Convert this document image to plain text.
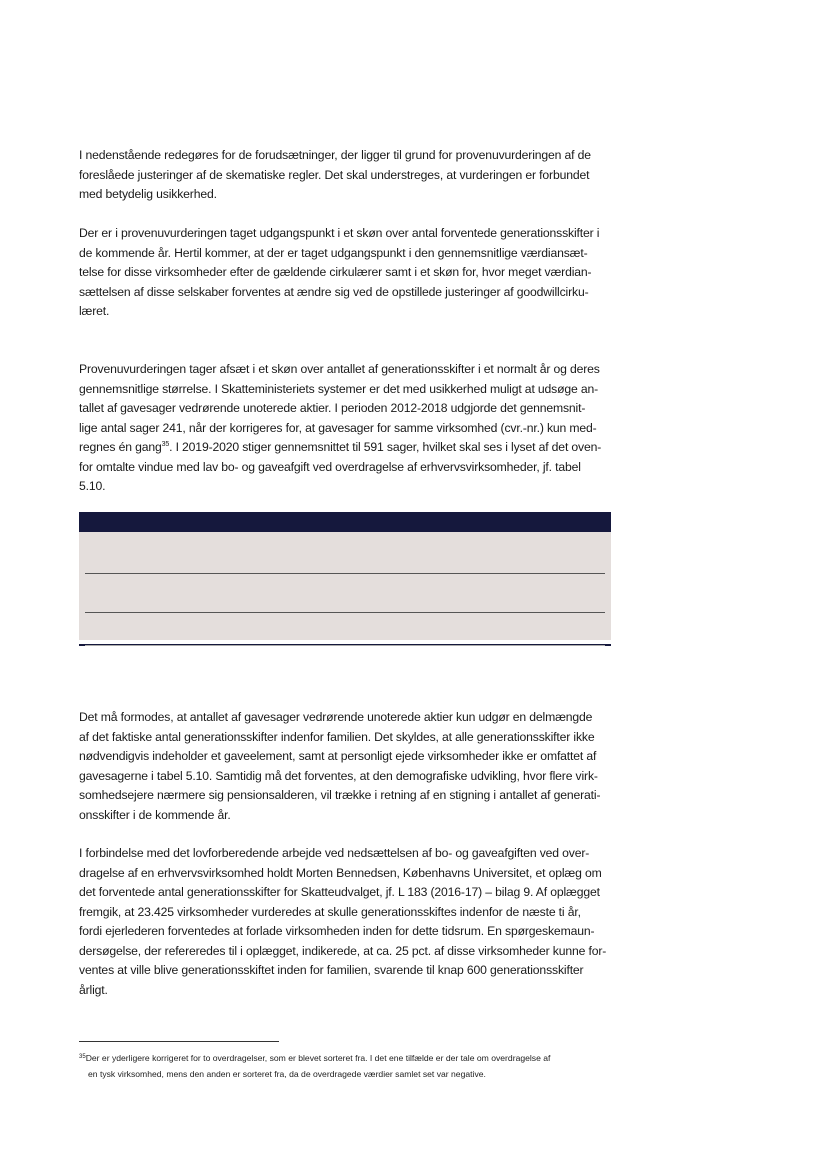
I nedenstående redegøres for de forudsætninger, der ligger til grund for provenuvurderingen af de
foreslåede justeringer af de skematiske regler. Det skal understreges, at vurderingen er forbundet
med betydelig usikkerhed.

Der er i provenuvurderingen taget udgangspunkt i et skøn over antal forventede generationsskifter i
de kommende år. Hertil kommer, at der er taget udgangspunkt i den gennemsnitlige værdiansæt-
telse for disse virksomheder efter de gældende cirkulærer samt i et skøn for, hvor meget værdian-
sættelsen af disse selskaber forventes at ændre sig ved de opstillede justeringer af goodwillcirku-
læret.

Provenuvurderingen tager afsæt i et skøn over antallet af generationsskifter i et normalt år og deres
gennemsnitlige størrelse. I Skatteministeriets systemer er det med usikkerhed muligt at udsøge an-
tallet af gavesager vedrørende unoterede aktier. I perioden 2012-2018 udgjorde det gennemsnit-
lige antal sager 241, når der korrigeres for, at gavesager for samme virksomhed (cvr.-nr.) kun med-
regnes én gang$^{35}$. I 2019-2020 stiger gennemsnittet til 591 sager, hvilket skal ses i lyset af det oven-
for omtalte vindue med lav bo- og gaveafgift ved overdragelse af erhvervsvirksomheder, jf. tabel
5.10.

Det må formodes, at antallet af gavesager vedrørende unoterede aktier kun udgør en delmængde
af det faktiske antal generationsskifter indenfor familien. Det skyldes, at alle generationsskifter ikke
nødvendigvis indeholder et gaveelement, samt at personligt ejede virksomheder ikke er omfattet af
gavesagerne i tabel 5.10. Samtidig må det forventes, at den demografiske udvikling, hvor flere virk-
somhedsejere nærmere sig pensionsalderen, vil trække i retning af en stigning i antallet af generati-
onsskifter i de kommende år.

I forbindelse med det lovforberedende arbejde ved nedsættelsen af bo- og gaveafgiften ved over-
dragelse af en erhvervsvirksomhed holdt Morten Bennedsen, Københavns Universitet, et oplæg om
det forventede antal generationsskifter for Skatteudvalget, jf. L 183 (2016-17) – bilag 9. Af oplægget
fremgik, at 23.425 virksomheder vurderedes at skulle generationsskiftes indenfor de næste ti år,
fordi ejerlederen forventedes at forlade virksomheden inden for dette tidsrum. En spørgeskemaun-
dersøgelse, der refereredes til i oplægget, indikerede, at ca. 25 pct. af disse virksomheder kunne for-
ventes at ville blive generationsskiftet inden for familien, svarende til knap 600 generationsskifter
årligt.

$^{35}$Der er yderligere korrigeret for to overdragelser, som er blevet sorteret fra. I det ene tilfælde er der tale om overdragelse af
en tysk virksomhed, mens den anden er sorteret fra, da de overdragede værdier samlet set var negative.
